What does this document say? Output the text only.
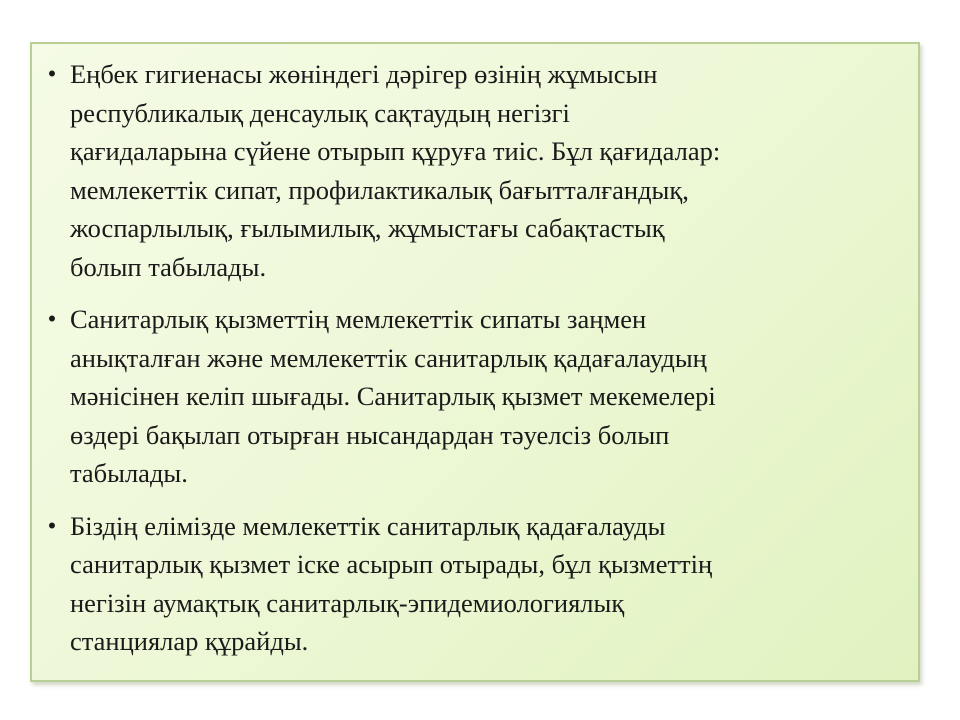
• Еңбек гигиенасы жөніндегі дәрігер өзінің жұмысын
республикалық денсаулық сақтаудың негізгі
қағидаларына сүйене отырып құруға тиіс. Бұл қағидалар:
мемлекеттік сипат, профилактикалық бағытталғандық,
жоспарлылық, ғылымилық, жұмыстағы сабақтастық
болып табылады.
• Санитарлық қызметтің мемлекеттік сипаты заңмен
анықталған және мемлекеттік санитарлық қадағалаудың
мәнісінен келіп шығады. Санитарлық қызмет мекемелері
өздері бақылап отырған нысандардан тәуелсіз болып
табылады.
• Біздің елімізде мемлекеттік санитарлық қадағалауды
санитарлық қызмет іске асырып отырады, бұл қызметтің
негізін аумақтық санитарлық-эпидемиологиялық
станциялар құрайды.
